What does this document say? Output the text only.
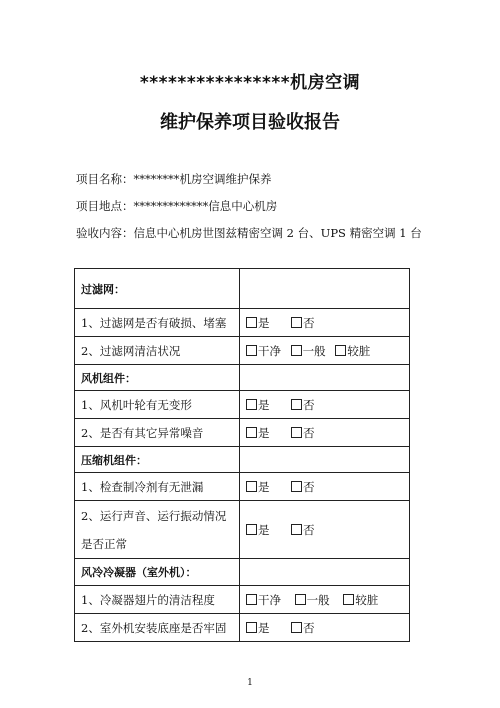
****************机房空调
维护保养项目验收报告
项目名称：********机房空调维护保养
项目地点：*************信息中心机房
验收内容：信息中心机房世图兹精密空调 2 台、UPS 精密空调 1 台
过滤网：	
1、过滤网是否有破损、堵塞	是 否
2、过滤网清洁状况	干净 一般 较脏
风机组件：	
1、风机叶轮有无变形	是 否
2、是否有其它异常噪音	是 否
压缩机组件：	
1、检查制冷剂有无泄漏	是 否

2、运行声音、运行振动情况
是否正常	是 否
风冷冷凝器（室外机）：	
1、冷凝器翅片的清洁程度	干净 一般 较脏
2、室外机安装底座是否牢固	是 否
1
